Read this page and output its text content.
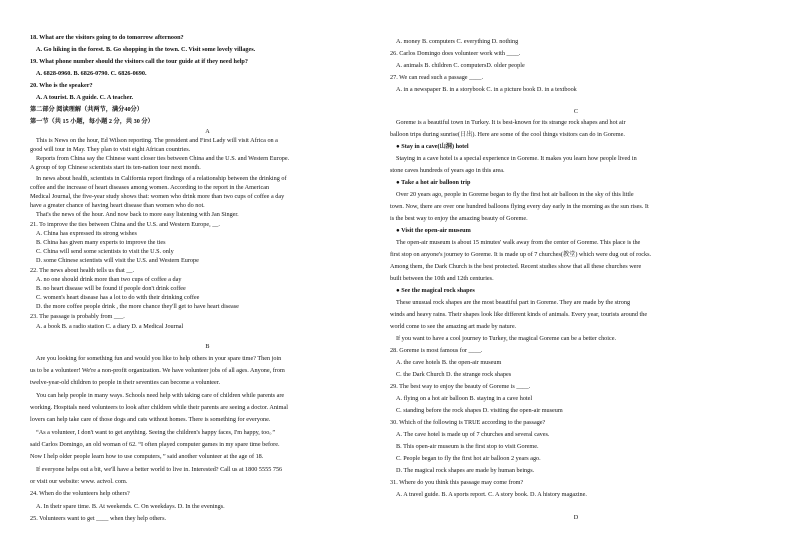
18. What are the visitors going to do tomorrow afternoon?
A. Go hiking in the forest. B. Go shopping in the town. C. Visit some lovely villages.
19. What phone number should the visitors call the tour guide at if they need help?
A. 6828-0960. B. 6826-0790. C. 6826-0690.
20. Who is the speaker?
A. A tourist. B. A guide. C. A teacher.
第二部分 阅读理解（共两节，满分40分）
第一节（共 15 小题，每小题 2 分，共 30 分）
A
This is News on the hour, Ed Wilson reporting. The president and First Lady will visit Africa on a
good will tour in May. They plan to visit eight African countries.
Reports from China say the Chinese want closer ties between China and the U.S. and Western Europe.
A group of top Chinese scientists start its ten-nation tour next month.
In news about health, scientists in California report findings of a relationship between the drinking of
coffee and the increase of heart diseases among women. According to the report in the American
Medical Journal, the five-year study shows that: women who drink more than two cups of coffee a day
have a greater chance of having heart disease than women who do not.
That's the news of the hour. And now back to more easy listening with Jan Singer.
21. To improve the ties between China and the U.S. and Western Europe, __.
A. China has expressed its strong wishes
B. China has given many experts to improve the ties
C. China will send some scientists to visit the U.S. only
D. some Chinese scientists will visit the U.S. and Western Europe
22. The news about health tells us that __.
A. no one should drink more than two cups of coffee a day
B. no heart disease will be found if people don't drink coffee
C. women's heart disease has a lot to do with their drinking coffee
D. the more coffee people drink , the more chance they'll get to have heart disease
23. The passage is probably from ___.
A. a book B. a radio station C. a diary D. a Medical Journal
B
Are you looking for something fun and would you like to help others in your spare time? Then join
us to be a volunteer! We're a non-profit organization. We have volunteer jobs of all ages. Anyone, from
twelve-year-old children to people in their seventies can become a volunteer.
You can help people in many ways. Schools need help with taking care of children while parents are
working. Hospitals need volunteers to look after children while their parents are seeing a doctor. Animal
lovers can help take care of those dogs and cats without homes. There is something for everyone.
“As a volunteer, I don't want to get anything. Seeing the children's happy faces, I'm happy, too。”
said Carlos Domingo, an old woman of 62. “I often played computer games in my spare time before.
Now I help older people learn how to use computers，” said another volunteer at the age of 18.
If everyone helps out a bit, we'll have a better world to live in. Interested? Call us at 1800 5555 756
or visit our website: www. actvol. com.
24. When do the volunteers help others?
A. In their spare time. B. At weekends. C. On weekdays. D. In the evenings.
25. Volunteers want to get ____ when they help others.
A. money B. computers C. everything D. nothing
26. Carlos Domingo does volunteer work with ____.
A. animals B. children C. computersD. older people
27. We can read such a passage ____.
A. in a newspaper B. in a storybook C. in a picture book D. in a textbook
C
Goreme is a beautiful town in Turkey. It is best-known for its strange rock shapes and hot air
balloon trips during sunrise(日出). Here are some of the cool things visitors can do in Goreme.
● Stay in a cave(山洞) hotel
Staying in a cave hotel is a special experience in Goreme. It makes you learn how people lived in
stone caves hundreds of years ago in this area.
● Take a hot air balloon trip
Over 20 years ago, people in Goreme began to fly the first hot air balloon in the sky of this little
town. Now, there are over one hundred balloons flying every day early in the morning as the sun rises. It
is the best way to enjoy the amazing beauty of Goreme.
● Visit the open-air museum
The open-air museum is about 15 minutes' walk away from the center of Goreme. This place is the
first stop on anyone's journey to Goreme. It is made up of 7 churches(教堂) which were dug out of rocks.
Among them, the Dark Church is the best protected. Recent studies show that all these churches were
built between the 10th and 12th centuries.
● See the magical rock shapes
These unusual rock shapes are the most beautiful part in Goreme. They are made by the strong
winds and heavy rains. Their shapes look like different kinds of animals. Every year, tourists around the
world come to see the amazing art made by nature.
If you want to have a cool journey to Turkey, the magical Goreme can be a better choice.
28. Goreme is most famous for ____.
A. the cave hotels B. the open-air museum
C. the Dark Church D. the strange rock shapes
29. The best way to enjoy the beauty of Goreme is ____.
A. flying on a hot air balloon B. staying in a cave hotel
C. standing before the rock shapes D. visiting the open-air museum
30. Which of the following is TRUE according to the passage?
A. The cave hotel is made up of 7 churches and several caves.
B. This open-air museum is the first stop to visit Goreme.
C. People began to fly the first hot air balloon 2 years ago.
D. The magical rock shapes are made by human beings.
31. Where do you think this passage may come from?
A. A travel guide. B. A sports report. C. A story book. D. A history magazine.
D
